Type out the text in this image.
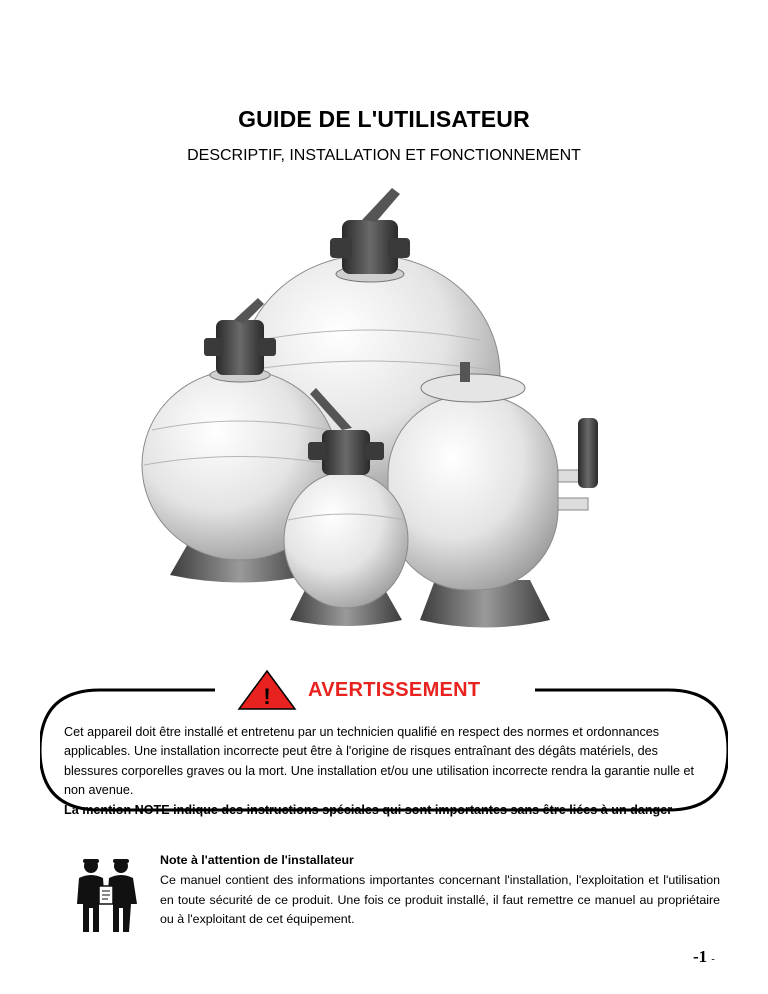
GUIDE DE L'UTILISATEUR
DESCRIPTIF, INSTALLATION ET FONCTIONNEMENT
! AVERTISSEMENT
Cet appareil doit être installé et entretenu par un technicien qualifié en respect des normes et ordonnances applicables. Une installation incorrecte peut être à l'origine de risques entraînant des dégâts matériels, des blessures corporelles graves ou la mort. Une installation et/ou une utilisation incorrecte rendra la garantie nulle et non avenue.
La mention NOTE indique des instructions spéciales qui sont importantes sans être liées à un danger
Note à l'attention de l'installateur
Ce manuel contient des informations importantes concernant l'installation, l'exploitation et l'utilisation en toute sécurité de ce produit. Une fois ce produit installé, il faut remettre ce manuel au propriétaire ou à l'exploitant de cet équipement.
-1 -
